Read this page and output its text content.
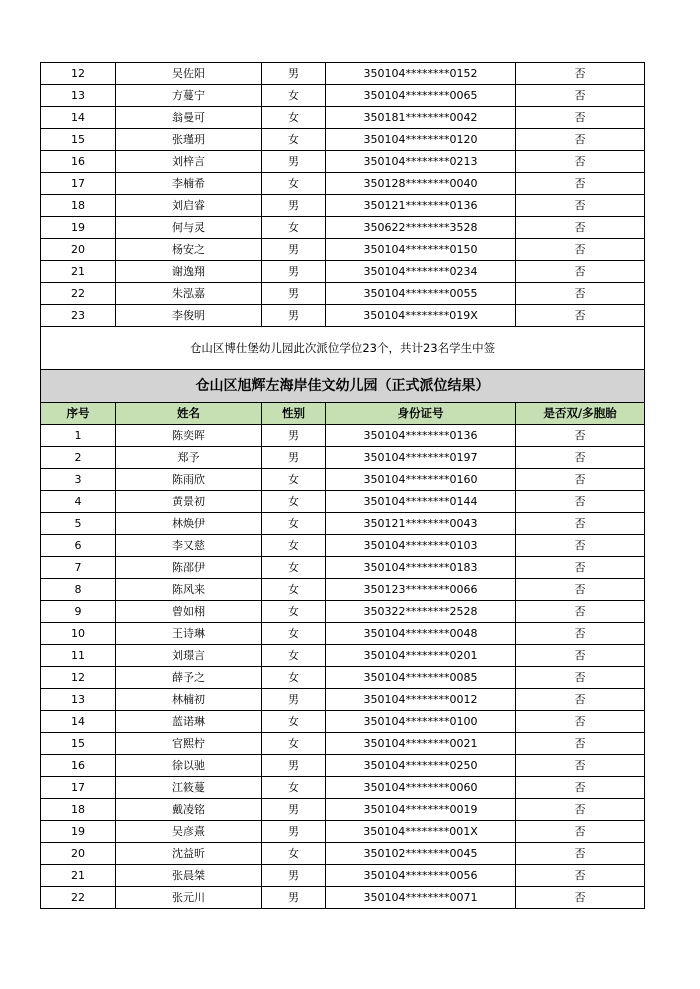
12	吴佐阳	男	350104********0152	否
13	方蔓宁	女	350104********0065	否
14	翁曼可	女	350181********0042	否
15	张瑾玥	女	350104********0120	否
16	刘梓言	男	350104********0213	否
17	李楠希	女	350128********0040	否
18	刘启睿	男	350121********0136	否
19	何与灵	女	350622********3528	否
20	杨安之	男	350104********0150	否
21	谢逸翔	男	350104********0234	否
22	朱泓嘉	男	350104********0055	否
23	李俊明	男	350104********019X	否
仓山区博仕堡幼儿园此次派位学位23个，共计23名学生中签				
仓山区旭辉左海岸佳文幼儿园（正式派位结果）				
序号	姓名	性别	身份证号	是否双/多胞胎
1	陈奕晖	男	350104********0136	否
2	郑予	男	350104********0197	否
3	陈雨欣	女	350104********0160	否
4	黄景初	女	350104********0144	否
5	林焕伊	女	350121********0043	否
6	李又慈	女	350104********0103	否
7	陈邵伊	女	350104********0183	否
8	陈风来	女	350123********0066	否
9	曾如栩	女	350322********2528	否
10	王诗琳	女	350104********0048	否
11	刘璟言	女	350104********0201	否
12	薛予之	女	350104********0085	否
13	林楠初	男	350104********0012	否
14	蓝诺琳	女	350104********0100	否
15	官熙柠	女	350104********0021	否
16	徐以驰	男	350104********0250	否
17	江筱蔓	女	350104********0060	否
18	戴凌铭	男	350104********0019	否
19	吴彦熹	男	350104********001X	否
20	沈益昕	女	350102********0045	否
21	张晨桀	男	350104********0056	否
22	张元川	男	350104********0071	否
